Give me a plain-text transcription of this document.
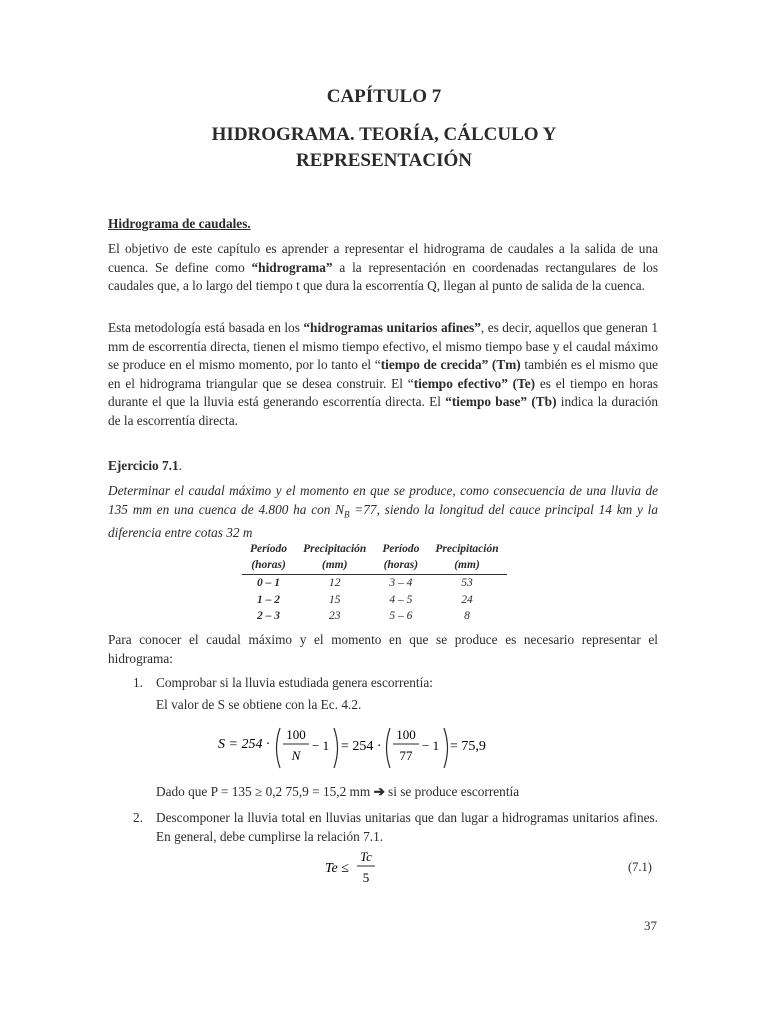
CAPÍTULO 7
HIDROGRAMA. TEORÍA, CÁLCULO Y
REPRESENTACIÓN
Hidrograma de caudales.

El objetivo de este capítulo es aprender a representar el hidrograma de caudales a la salida de una cuenca. Se define como “hidrograma” a la representación en coordenadas rectangulares de los caudales que, a lo largo del tiempo t que dura la escorrentía Q, llegan al punto de salida de la cuenca.

Esta metodología está basada en los “hidrogramas unitarios afines”, es decir, aquellos que generan 1 mm de escorrentía directa, tienen el mismo tiempo efectivo, el mismo tiempo base y el caudal máximo se produce en el mismo momento, por lo tanto el “tiempo de crecida” (Tm) también es el mismo que en el hidrograma triangular que se desea construir. El “tiempo efectivo” (Te) es el tiempo en horas durante el que la lluvia está generando escorrentía directa. El “tiempo base” (Tb) indica la duración de la escorrentía directa.

Ejercicio 7.1.

Determinar el caudal máximo y el momento en que se produce, como consecuencia de una lluvia de 135 mm en una cuenca de 4.800 ha con $N_B =77$, siendo la longitud del cauce principal 14 km y la diferencia entre cotas 32 m

Período	Precipitación	Período	Precipitación
(horas)	(mm)	(horas)	(mm)
0 – 1	12	3 – 4	53
1 – 2	15	4 – 5	24
2 – 3	23	5 – 6	8

Para conocer el caudal máximo y el momento en que se produce es necesario representar el hidrograma:

1. Comprobar si la lluvia estudiada genera escorrentía:
El valor de S se obtiene con la Ec. 4.2.
S = 254 ·
100
N
− 1 = 254 ·
100
77
− 1 = 75,9
Dado que P = 135 ≥ 0,2 75,9 = 15,2 mm ➔ si se produce escorrentía
2. Descomponer la lluvia total en lluvias unitarias que dan lugar a hidrogramas unitarios afines. En general, debe cumplirse la relación 7.1.
Te ≤
Tc
5
(7.1)
37
